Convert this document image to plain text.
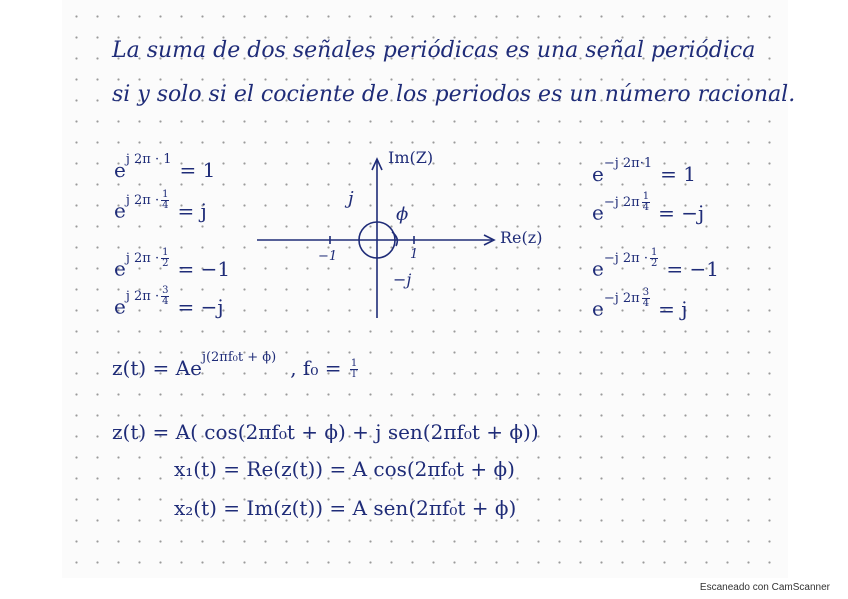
La suma de dos señales periódicas es una señal periódica
si y solo si el cociente de los periodos es un número racional.
$e^{j 2\pi \cdot 1} = 1$
$e^{j 2\pi \cdot \frac{1}{4}} = j$
$e^{j 2\pi \cdot \frac{1}{2}} = -1$
$e^{j 2\pi \cdot \frac{3}{4}} = -j$
$e^{-j 2\pi\cdot 1} = 1$
$e^{-j 2\pi \frac{1}{4}} = -j$
$e^{-j 2\pi \cdot \frac{1}{2}} = -1$
$e^{-j 2\pi \frac{3}{4}} = j$
Im(Z)
Re(z)
j
−j
ϕ
1
−1
$z(t) = Ae^{j(2\pi f_0t + \phi)}$ , $f_0 = \frac{1}{T}$
z(t) = A( cos(2πf₀t + ϕ) + j sen(2πf₀t + ϕ))
x₁(t) = Re(z(t)) = A cos(2πf₀t + ϕ)
x₂(t) = Im(z(t)) = A sen(2πf₀t + ϕ)
Escaneado con CamScanner
